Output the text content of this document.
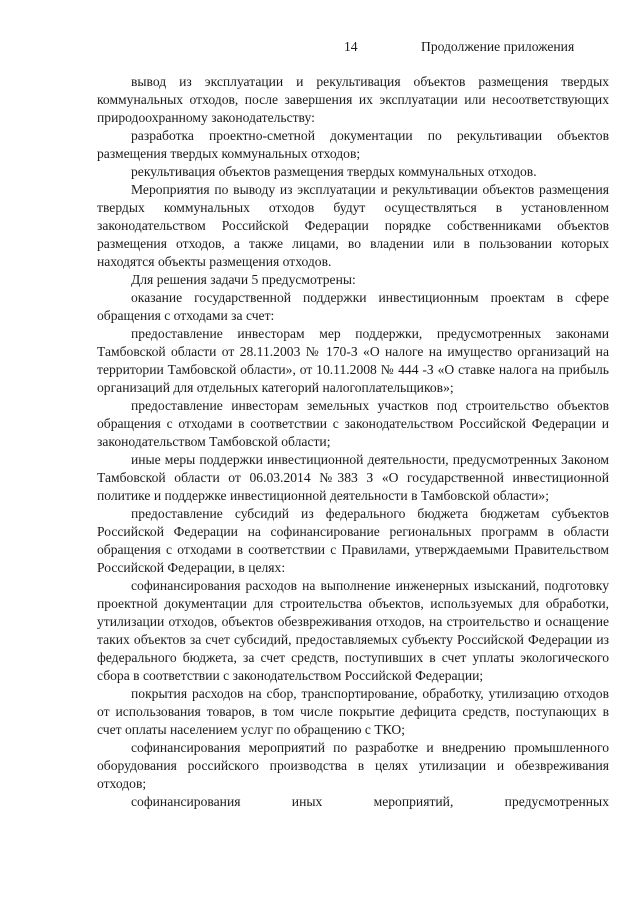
14	Продолжение приложения

вывод из эксплуатации и рекультивация объектов размещения твердых коммунальных отходов, после завершения их эксплуатации или несоответствующих природоохранному законодательству:

разработка проектно-сметной документации по рекультивации объектов размещения твердых коммунальных отходов;

рекультивация объектов размещения твердых коммунальных отходов.

Мероприятия по выводу из эксплуатации и рекультивации объектов размещения твердых коммунальных отходов будут осуществляться в установленном законодательством Российской Федерации порядке собственниками объектов размещения отходов, а также лицами, во владении или в пользовании которых находятся объекты размещения отходов.

Для решения задачи 5 предусмотрены:

оказание государственной поддержки инвестиционным проектам в сфере обращения с отходами за счет:

предоставление инвесторам мер поддержки, предусмотренных законами Тамбовской области от 28.11.2003 № 170-З «О налоге на имущество организаций на территории Тамбовской области», от 10.11.2008 № 444 -З «О ставке налога на прибыль организаций для отдельных категорий налогоплательщиков»;

предоставление инвесторам земельных участков под строительство объектов обращения с отходами в соответствии с законодательством Российской Федерации и законодательством Тамбовской области;

иные меры поддержки инвестиционной деятельности, предусмотренных Законом Тамбовской области от 06.03.2014 №383 З «О государственной инвестиционной политике и поддержке инвестиционной деятельности в Тамбовской области»;

предоставление субсидий из федерального бюджета бюджетам субъектов Российской Федерации на софинансирование региональных программ в области обращения с отходами в соответствии с Правилами, утверждаемыми Правительством Российской Федерации, в целях:

софинансирования расходов на выполнение инженерных изысканий, подготовку проектной документации для строительства объектов, используемых для обработки, утилизации отходов, объектов обезвреживания отходов, на строительство и оснащение таких объектов за счет субсидий, предоставляемых субъекту Российской Федерации из федерального бюджета, за счет средств, поступивших в счет уплаты экологического сбора в соответствии с законодательством Российской Федерации;

покрытия расходов на сбор, транспортирование, обработку, утилизацию отходов от использования товаров, в том числе покрытие дефицита средств, поступающих в счет оплаты населением услуг по обращению с ТКО;

софинансирования мероприятий по разработке и внедрению промышленного оборудования российского производства в целях утилизации и обезвреживания отходов;

софинансирования иных мероприятий, предусмотренных
